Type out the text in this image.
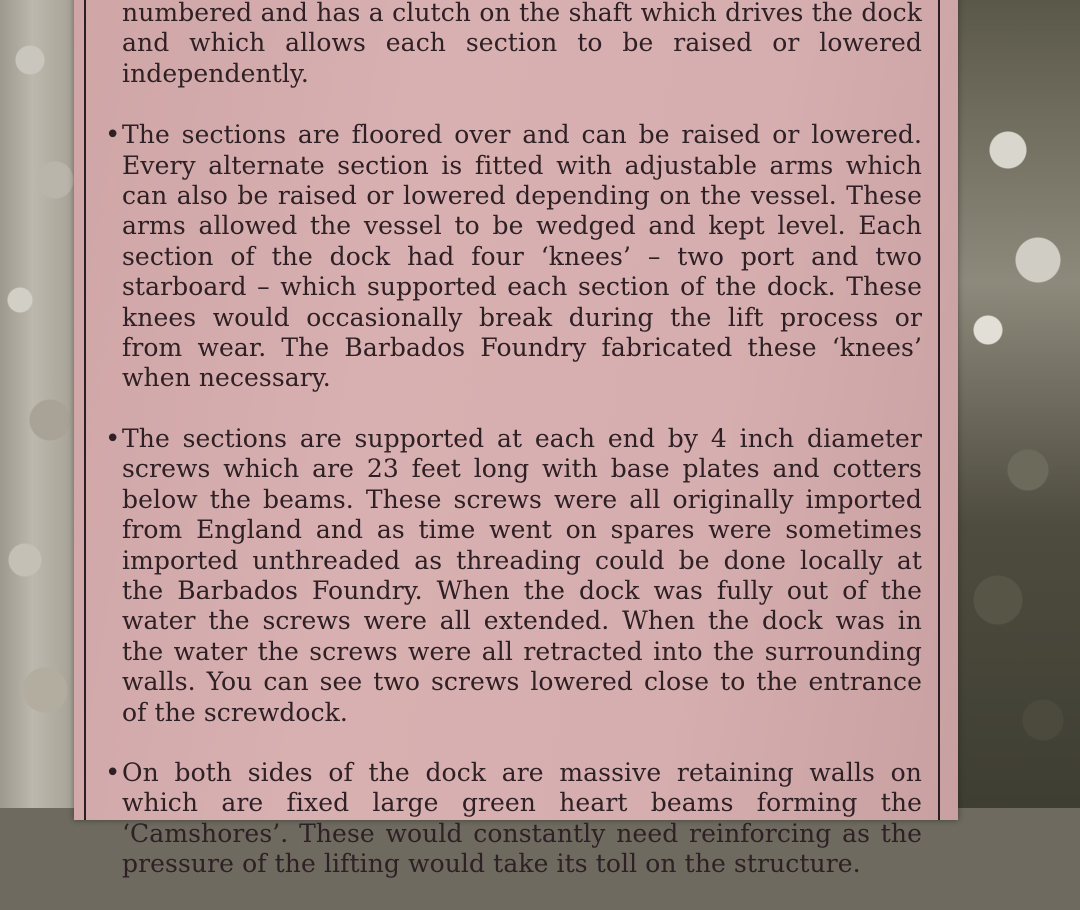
numbered and has a clutch on the shaft which drives the dock and which allows each section to be raised or lowered independently.

• The sections are floored over and can be raised or lowered. Every alternate section is fitted with adjustable arms which can also be raised or lowered depending on the vessel. These arms allowed the vessel to be wedged and kept level. Each section of the dock had four ‘knees’ – two port and two starboard – which supported each section of the dock. These knees would occasionally break during the lift process or from wear. The Barbados Foundry fabricated these ‘knees’ when necessary.

• The sections are supported at each end by 4 inch diameter screws which are 23 feet long with base plates and cotters below the beams. These screws were all originally imported from England and as time went on spares were sometimes imported unthreaded as threading could be done locally at the Barbados Foundry. When the dock was fully out of the water the screws were all extended. When the dock was in the water the screws were all retracted into the surrounding walls. You can see two screws lowered close to the entrance of the screwdock.

• On both sides of the dock are massive retaining walls on which are fixed large green heart beams forming the ‘Camshores’. These would constantly need reinforcing as the pressure of the lifting would take its toll on the structure.
